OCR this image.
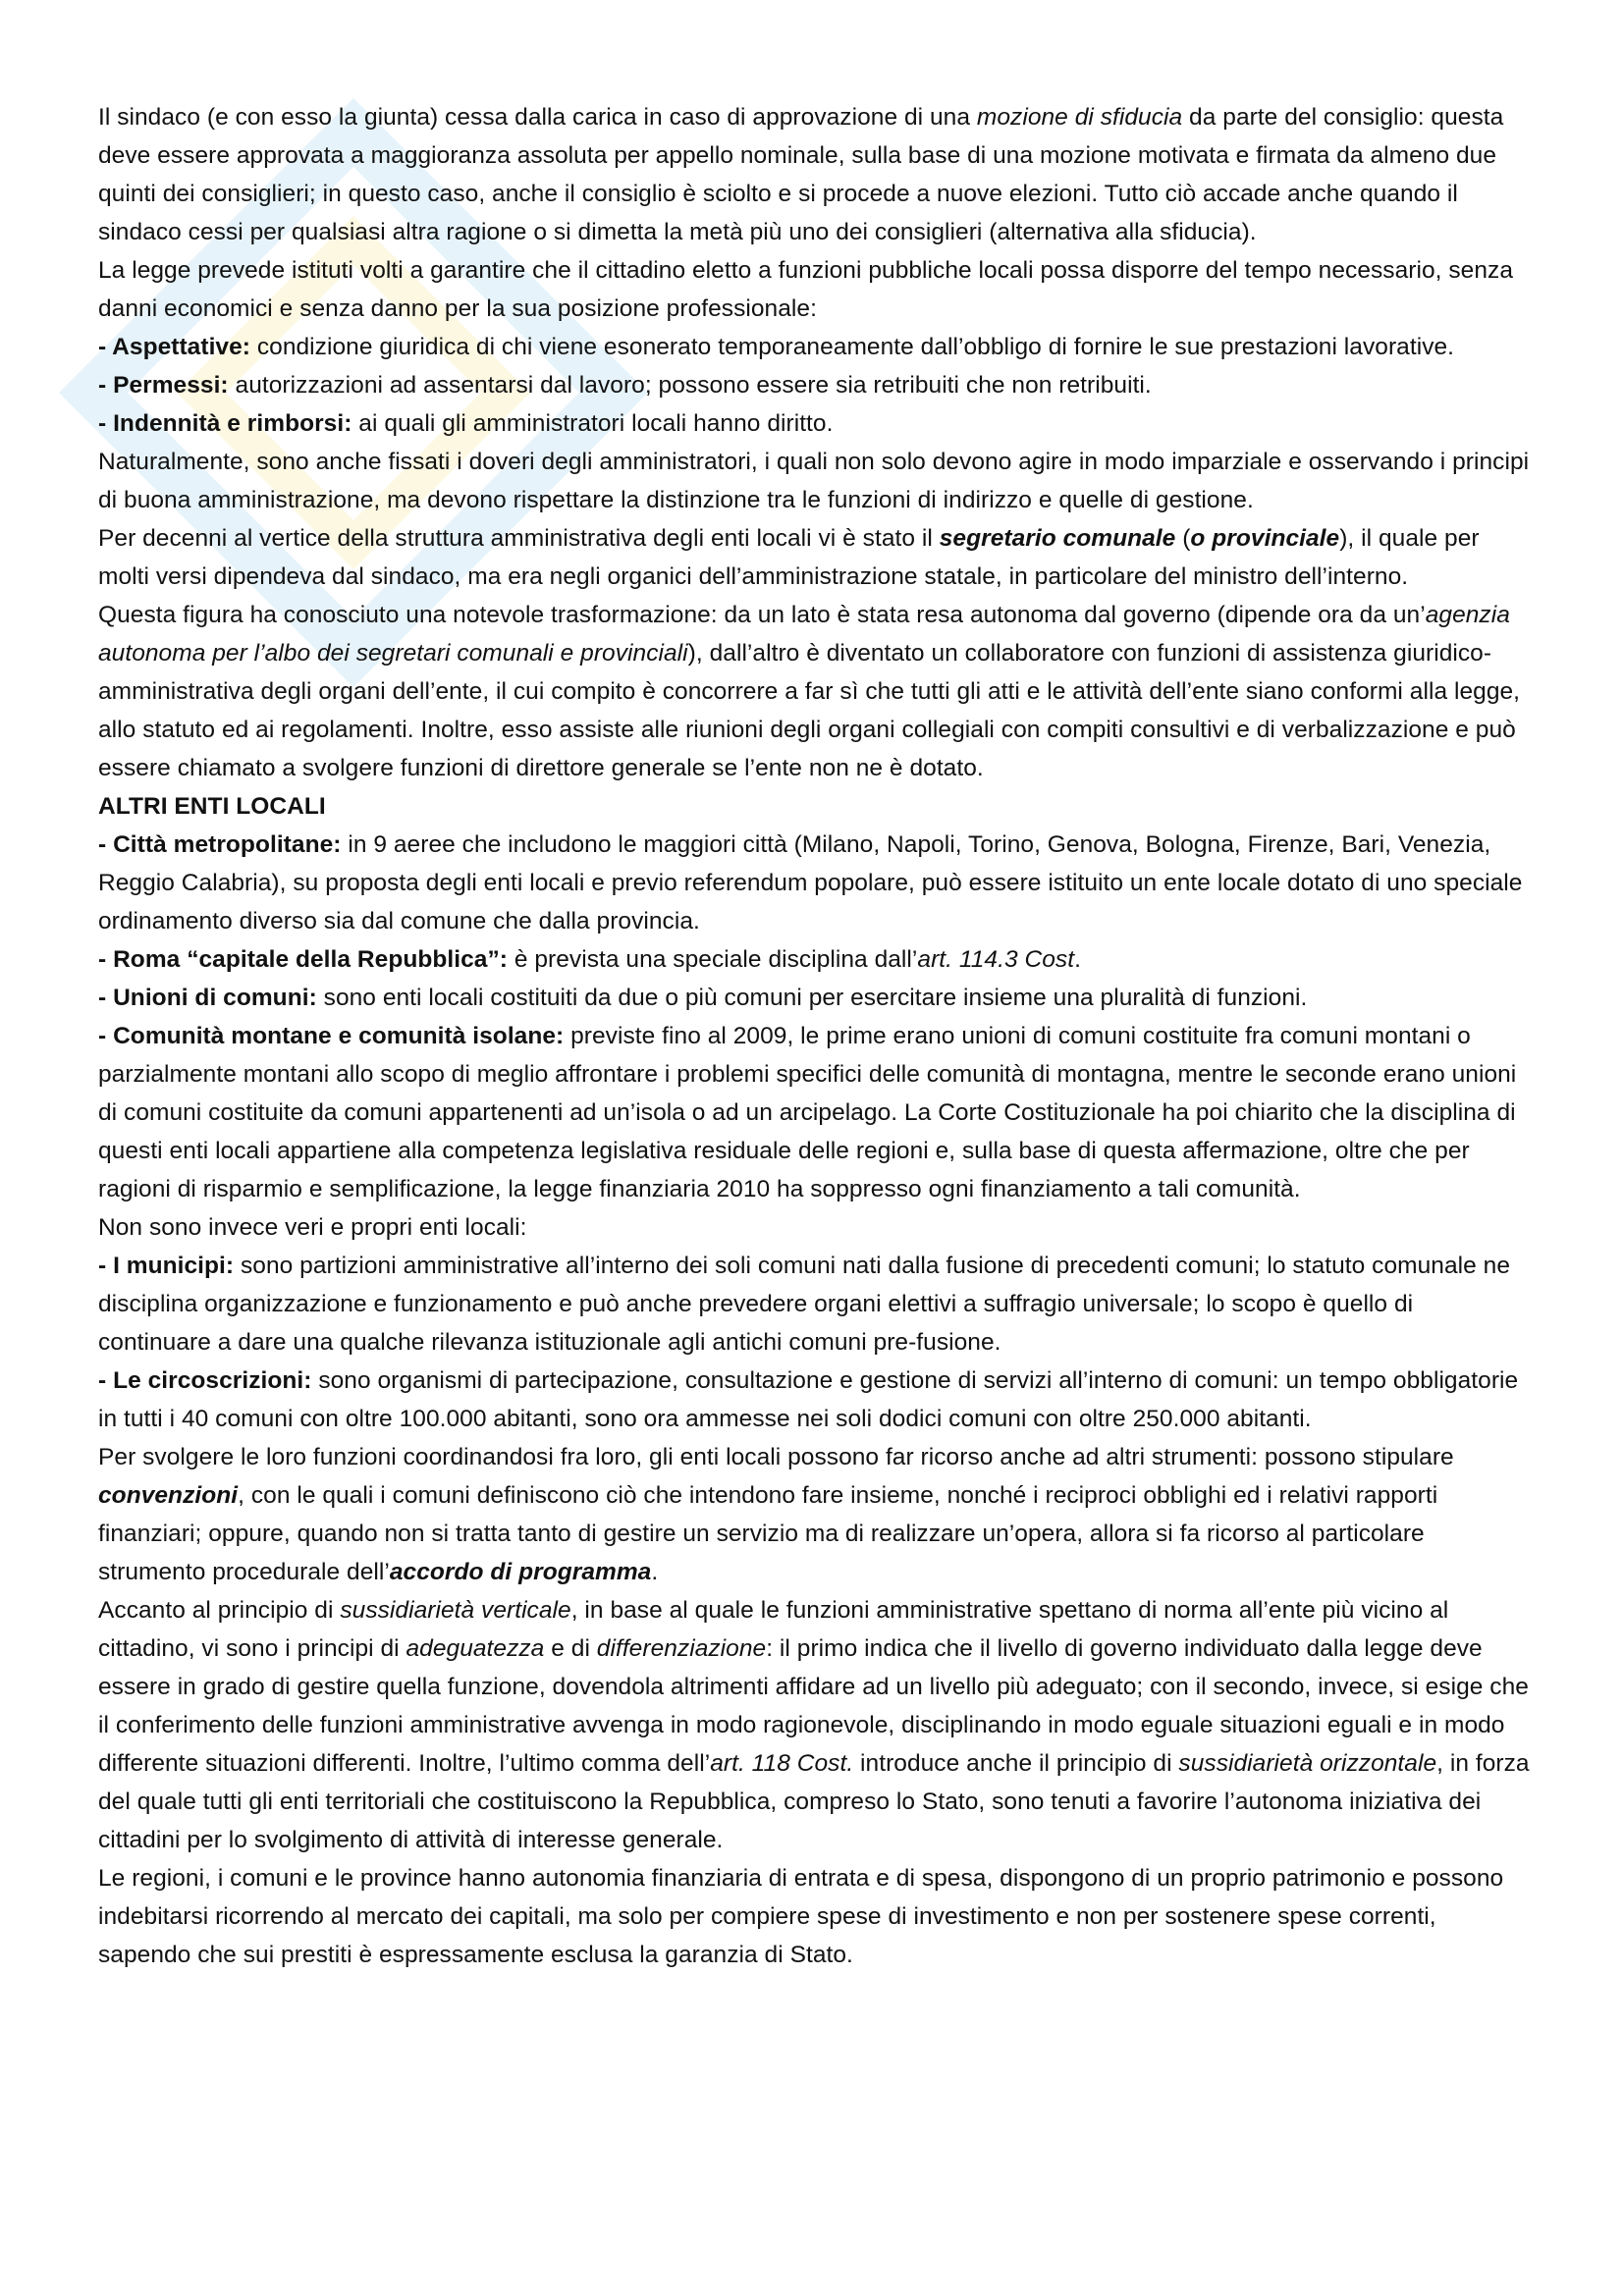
Il sindaco (e con esso la giunta) cessa dalla carica in caso di approvazione di una mozione di sfiducia da parte del consiglio: questa deve essere approvata a maggioranza assoluta per appello nominale, sulla base di una mozione motivata e firmata da almeno due quinti dei consiglieri; in questo caso, anche il consiglio è sciolto e si procede a nuove elezioni. Tutto ciò accade anche quando il sindaco cessi per qualsiasi altra ragione o si dimetta la metà più uno dei consiglieri (alternativa alla sfiducia).

La legge prevede istituti volti a garantire che il cittadino eletto a funzioni pubbliche locali possa disporre del tempo necessario, senza danni economici e senza danno per la sua posizione professionale:

- Aspettative: condizione giuridica di chi viene esonerato temporaneamente dall’obbligo di fornire le sue prestazioni lavorative.

- Permessi: autorizzazioni ad assentarsi dal lavoro; possono essere sia retribuiti che non retribuiti.

- Indennità e rimborsi: ai quali gli amministratori locali hanno diritto.

Naturalmente, sono anche fissati i doveri degli amministratori, i quali non solo devono agire in modo imparziale e osservando i principi di buona amministrazione, ma devono rispettare la distinzione tra le funzioni di indirizzo e quelle di gestione.

Per decenni al vertice della struttura amministrativa degli enti locali vi è stato il segretario comunale (o provinciale), il quale per molti versi dipendeva dal sindaco, ma era negli organici dell’amministrazione statale, in particolare del ministro dell’interno.

Questa figura ha conosciuto una notevole trasformazione: da un lato è stata resa autonoma dal governo (dipende ora da un’agenzia autonoma per l’albo dei segretari comunali e provinciali), dall’altro è diventato un collaboratore con funzioni di assistenza giuridico-amministrativa degli organi dell’ente, il cui compito è concorrere a far sì che tutti gli atti e le attività dell’ente siano conformi alla legge, allo statuto ed ai regolamenti. Inoltre, esso assiste alle riunioni degli organi collegiali con compiti consultivi e di verbalizzazione e può essere chiamato a svolgere funzioni di direttore generale se l’ente non ne è dotato.

ALTRI ENTI LOCALI

- Città metropolitane: in 9 aeree che includono le maggiori città (Milano, Napoli, Torino, Genova, Bologna, Firenze, Bari, Venezia, Reggio Calabria), su proposta degli enti locali e previo referendum popolare, può essere istituito un ente locale dotato di uno speciale ordinamento diverso sia dal comune che dalla provincia.

- Roma “capitale della Repubblica”: è prevista una speciale disciplina dall’art. 114.3 Cost.

- Unioni di comuni: sono enti locali costituiti da due o più comuni per esercitare insieme una pluralità di funzioni.

- Comunità montane e comunità isolane: previste fino al 2009, le prime erano unioni di comuni costituite fra comuni montani o parzialmente montani allo scopo di meglio affrontare i problemi specifici delle comunità di montagna, mentre le seconde erano unioni di comuni costituite da comuni appartenenti ad un’isola o ad un arcipelago. La Corte Costituzionale ha poi chiarito che la disciplina di questi enti locali appartiene alla competenza legislativa residuale delle regioni e, sulla base di questa affermazione, oltre che per ragioni di risparmio e semplificazione, la legge finanziaria 2010 ha soppresso ogni finanziamento a tali comunità.

Non sono invece veri e propri enti locali:

- I municipi: sono partizioni amministrative all’interno dei soli comuni nati dalla fusione di precedenti comuni; lo statuto comunale ne disciplina organizzazione e funzionamento e può anche prevedere organi elettivi a suffragio universale; lo scopo è quello di continuare a dare una qualche rilevanza istituzionale agli antichi comuni pre-fusione.

- Le circoscrizioni: sono organismi di partecipazione, consultazione e gestione di servizi all’interno di comuni: un tempo obbligatorie in tutti i 40 comuni con oltre 100.000 abitanti, sono ora ammesse nei soli dodici comuni con oltre 250.000 abitanti.

Per svolgere le loro funzioni coordinandosi fra loro, gli enti locali possono far ricorso anche ad altri strumenti: possono stipulare convenzioni, con le quali i comuni definiscono ciò che intendono fare insieme, nonché i reciproci obblighi ed i relativi rapporti finanziari; oppure, quando non si tratta tanto di gestire un servizio ma di realizzare un’opera, allora si fa ricorso al particolare strumento procedurale dell’accordo di programma.

Accanto al principio di sussidiarietà verticale, in base al quale le funzioni amministrative spettano di norma all’ente più vicino al cittadino, vi sono i principi di adeguatezza e di differenziazione: il primo indica che il livello di governo individuato dalla legge deve essere in grado di gestire quella funzione, dovendola altrimenti affidare ad un livello più adeguato; con il secondo, invece, si esige che il conferimento delle funzioni amministrative avvenga in modo ragionevole, disciplinando in modo eguale situazioni eguali e in modo differente situazioni differenti. Inoltre, l’ultimo comma dell’art. 118 Cost. introduce anche il principio di sussidiarietà orizzontale, in forza del quale tutti gli enti territoriali che costituiscono la Repubblica, compreso lo Stato, sono tenuti a favorire l’autonoma iniziativa dei cittadini per lo svolgimento di attività di interesse generale.

Le regioni, i comuni e le province hanno autonomia finanziaria di entrata e di spesa, dispongono di un proprio patrimonio e possono indebitarsi ricorrendo al mercato dei capitali, ma solo per compiere spese di investimento e non per sostenere spese correnti, sapendo che sui prestiti è espressamente esclusa la garanzia di Stato.
